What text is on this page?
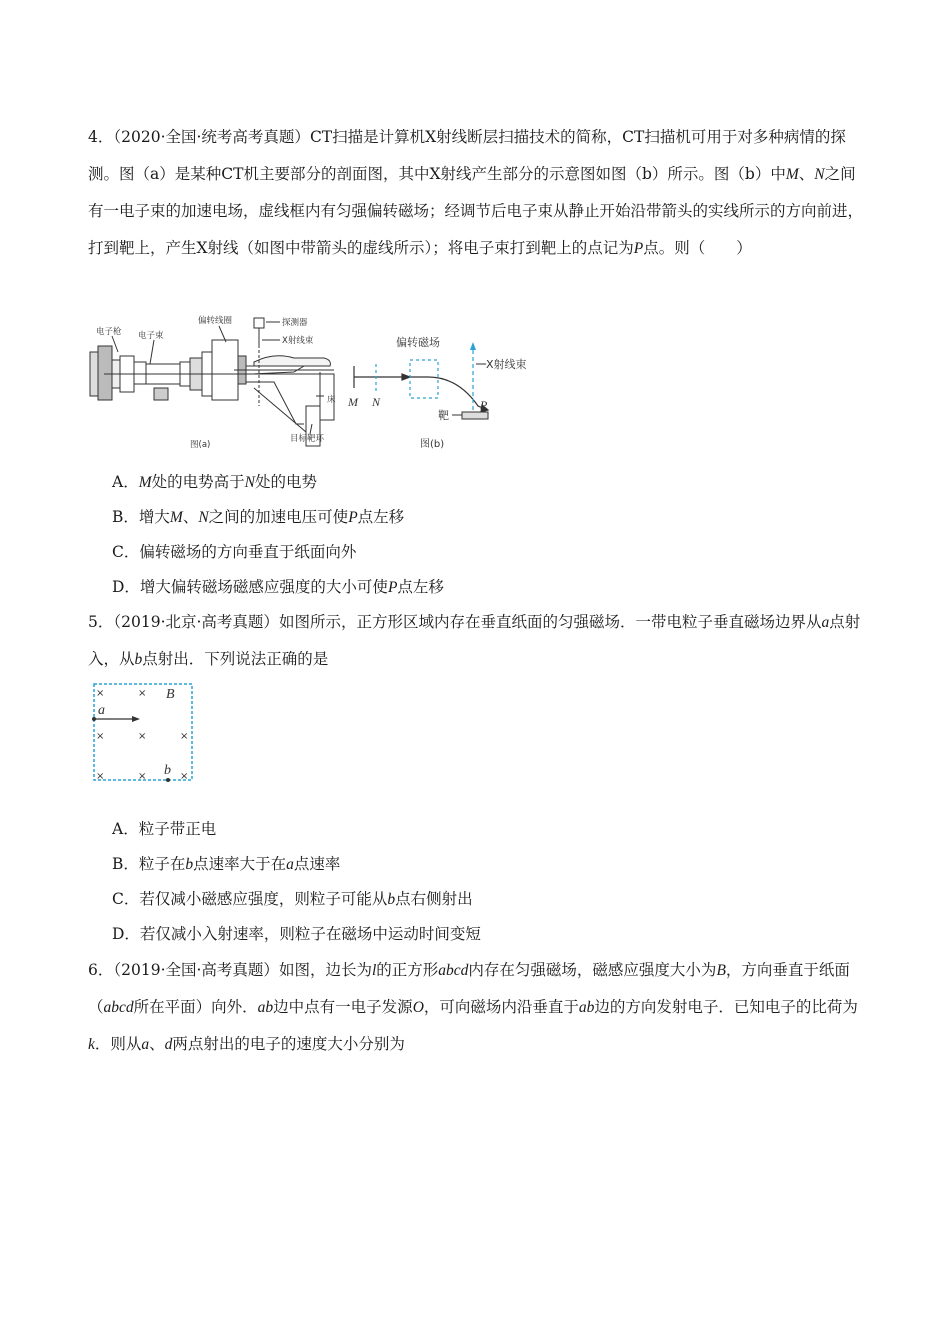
4．（2020·全国·统考高考真题）CT扫描是计算机X射线断层扫描技术的简称，CT扫描机可用于对多种病情的探测。图（a）是某种CT机主要部分的剖面图，其中X射线产生部分的示意图如图（b）所示。图（b）中M、N之间有一电子束的加速电场，虚线框内有匀强偏转磁场；经调节后电子束从静止开始沿带箭头的实线所示的方向前进，打到靶上，产生X射线（如图中带箭头的虚线所示）；将电子束打到靶上的点记为P点。则（　　）

电子枪 电子束
偏转线圈	探测器
X射线束
床
目标靶环
图(a)
偏转磁场
X射线束
M N	P
靶
图(b)
A．M处的电势高于N处的电势
B．增大M、N之间的加速电压可使P点左移
C．偏转磁场的方向垂直于纸面向外
D．增大偏转磁场磁感应强度的大小可使P点左移

5．（2019·北京·高考真题）如图所示，正方形区域内存在垂直纸面的匀强磁场．一带电粒子垂直磁场边界从a点射入，从b点射出．下列说法正确的是

×	×
×	×	×
×	×	×
B
a
b
A．粒子带正电
B．粒子在b点速率大于在a点速率
C．若仅减小磁感应强度，则粒子可能从b点右侧射出
D．若仅减小入射速率，则粒子在磁场中运动时间变短

6．（2019·全国·高考真题）如图，边长为l的正方形abcd内存在匀强磁场，磁感应强度大小为B，方向垂直于纸面（abcd所在平面）向外．ab边中点有一电子发源O，可向磁场内沿垂直于ab边的方向发射电子．已知电子的比荷为k．则从a、d两点射出的电子的速度大小分别为
